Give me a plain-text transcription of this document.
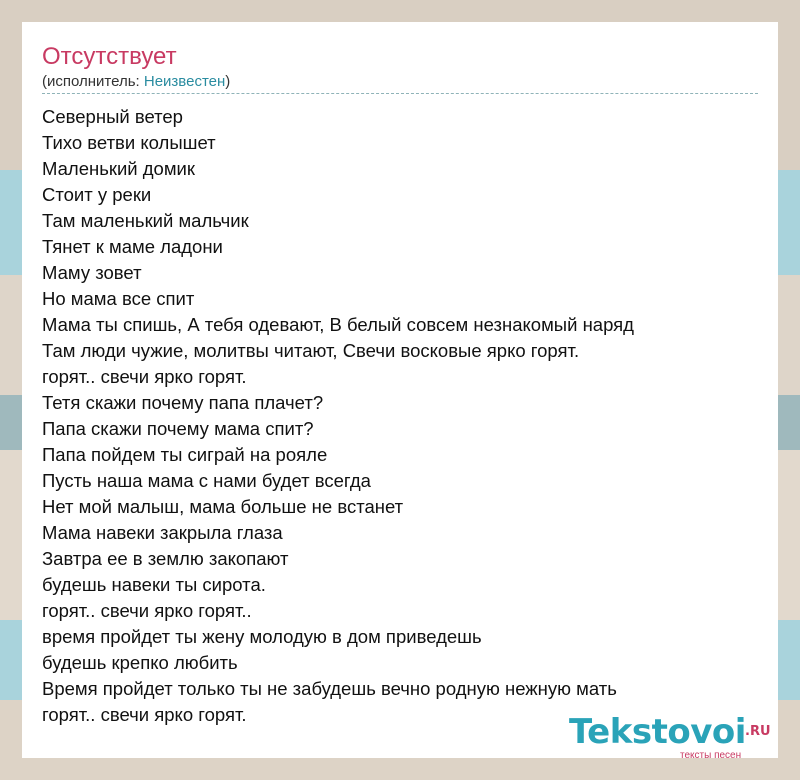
Отсутствует
(исполнитель: Неизвестен)
Северный ветер
Тихо ветви колышет
Маленький домик
Стоит у реки
Там маленький мальчик
Тянет к маме ладони
Маму зовет
Но мама все спит
Мама ты спишь, А тебя одевают, В белый совсем незнакомый наряд
Там люди чужие, молитвы читают, Свечи восковые ярко горят.
горят.. свечи ярко горят.
Тетя скажи почему папа плачет?
Папа скажи почему мама спит?
Папа пойдем ты сиграй на рояле
Пусть наша мама с нами будет всегда
Нет мой малыш, мама больше не встанет
Мама навеки закрыла глаза
Завтра ее в землю закопают
будешь навеки ты сирота.
горят.. свечи ярко горят..
время пройдет ты жену молодую в дом приведешь
будешь крепко любить
Время пройдет только ты не забудешь вечно родную нежную мать
горят.. свечи ярко горят.	Tekstovoi .RU
тексты песен
